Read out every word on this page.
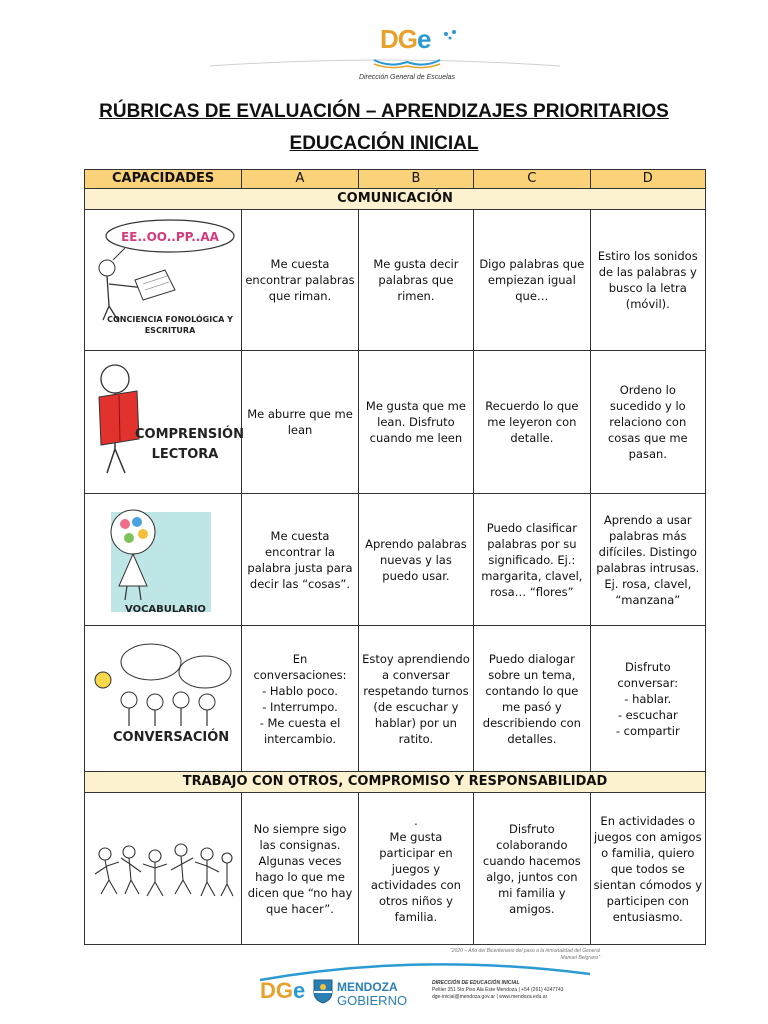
DGe
Dirección General de Escuelas
RÚBRICAS DE EVALUACIÓN – APRENDIZAJES PRIORITARIOS
EDUCACIÓN INICIAL
CAPACIDADES	A	B	C	D
COMUNICACIÓN				

EE..OO..PP..AA
CONCIENCIA FONOLÓGICA Y ESCRITURA	Me cuesta encontrar palabras que riman.	Me gusta decir palabras que rimen.	Digo palabras que empiezan igual que…	Estiro los sonidos de las palabras y busco la letra (móvil).

COMPRENSIÓN LECTORA	Me aburre que me lean	Me gusta que me lean. Disfruto cuando me leen	Recuerdo lo que me leyeron con detalle.	Ordeno lo sucedido y lo relaciono con cosas que me pasan.

VOCABULARIO	Me cuesta encontrar la palabra justa para decir las “cosas”.	Aprendo palabras nuevas y las puedo usar.	Puedo clasificar palabras por su significado. Ej.: margarita, clavel, rosa… “flores”	Aprendo a usar palabras más difíciles. Distingo palabras intrusas. Ej. rosa, clavel, “manzana”

CONVERSACIÓN	En conversaciones:
- Hablo poco.
- Interrumpo.
- Me cuesta el intercambio.	Estoy aprendiendo a conversar respetando turnos (de escuchar y hablar) por un ratito.	Puedo dialogar sobre un tema, contando lo que me pasó y describiendo con detalles.	Disfruto conversar:
- hablar.
- escuchar
- compartir
TRABAJO CON OTROS, COMPROMISO Y RESPONSABILIDAD				

	No siempre sigo las consignas. Algunas veces hago lo que me dicen que “no hay que hacer”.	.
Me gusta participar en juegos y actividades con otros niños y familia.	Disfruto colaborando cuando hacemos algo, juntos con mi familia y amigos.	En actividades o juegos con amigos o familia, quiero que todos se sientan cómodos y participen con entusiasmo.
“2020 – Año del Bicentenario del paso a la inmortalidad del General Manuel Belgrano”
DGe	MENDOZA
GOBIERNO
DIRECCIÓN DE EDUCACIÓN INICIAL
Peltier 351 5to Piso Ala Este Mendoza | +54 (261) 4247743
dge-inicial@mendoza.gov.ar | www.mendoza.edu.ar
